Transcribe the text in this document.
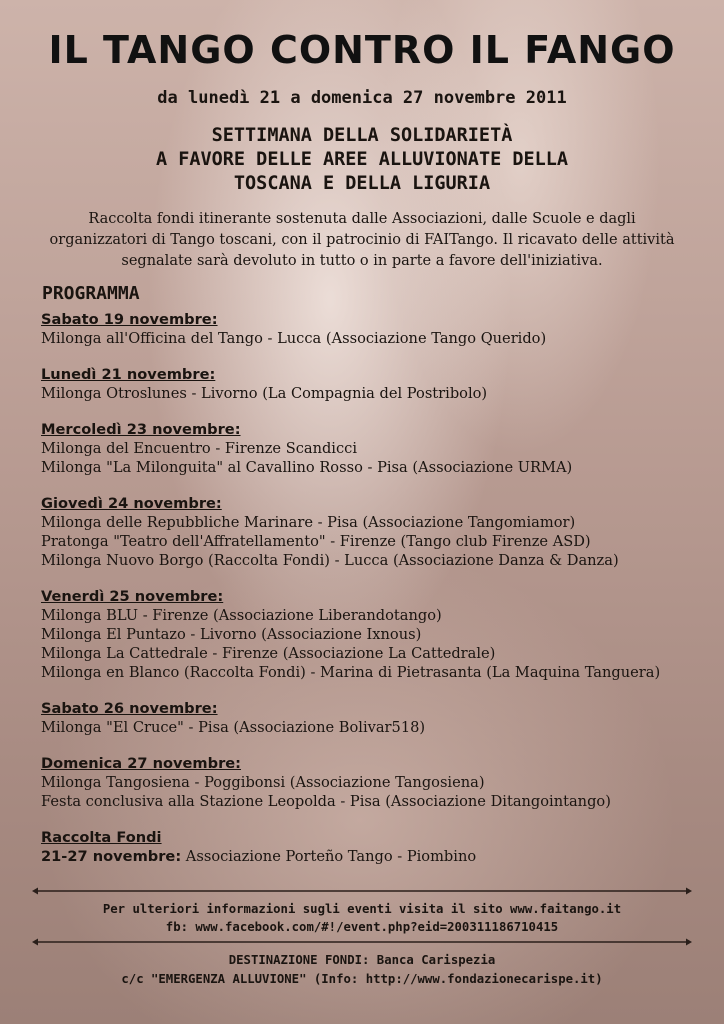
IL TANGO CONTRO IL FANGO
da lunedì 21 a domenica 27 novembre 2011
SETTIMANA DELLA SOLIDARIETÀ
A FAVORE DELLE AREE ALLUVIONATE DELLA
TOSCANA E DELLA LIGURIA
Raccolta fondi itinerante sostenuta dalle Associazioni, dalle Scuole e dagli
organizzatori di Tango toscani, con il patrocinio di FAITango. Il ricavato delle attività
segnalate sarà devoluto in tutto o in parte a favore dell'iniziativa.
PROGRAMMA
Sabato 19 novembre:
Milonga all'Officina del Tango - Lucca (Associazione Tango Querido)
Lunedì 21 novembre:
Milonga Otroslunes - Livorno (La Compagnia del Postribolo)
Mercoledì 23 novembre:
Milonga del Encuentro - Firenze Scandicci
Milonga "La Milonguita" al Cavallino Rosso - Pisa (Associazione URMA)
Giovedì 24 novembre:
Milonga delle Repubbliche Marinare - Pisa (Associazione Tangomiamor)
Pratonga "Teatro dell'Affratellamento" - Firenze (Tango club Firenze ASD)
Milonga Nuovo Borgo (Raccolta Fondi) - Lucca (Associazione Danza & Danza)
Venerdì 25 novembre:
Milonga BLU - Firenze (Associazione Liberandotango)
Milonga El Puntazo - Livorno (Associazione Ixnous)
Milonga La Cattedrale - Firenze (Associazione La Cattedrale)
Milonga en Blanco (Raccolta Fondi) - Marina di Pietrasanta (La Maquina Tanguera)
Sabato 26 novembre:
Milonga "El Cruce" - Pisa (Associazione Bolivar518)
Domenica 27 novembre:
Milonga Tangosiena - Poggibonsi (Associazione Tangosiena)
Festa conclusiva alla Stazione Leopolda - Pisa (Associazione Ditangointango)
Raccolta Fondi
21-27 novembre: Associazione Porteño Tango - Piombino
Per ulteriori informazioni sugli eventi visita il sito www.faitango.it
fb: www.facebook.com/#!/event.php?eid=200311186710415
DESTINAZIONE FONDI: Banca Carispezia
c/c "EMERGENZA ALLUVIONE" (Info: http://www.fondazionecarispe.it)
